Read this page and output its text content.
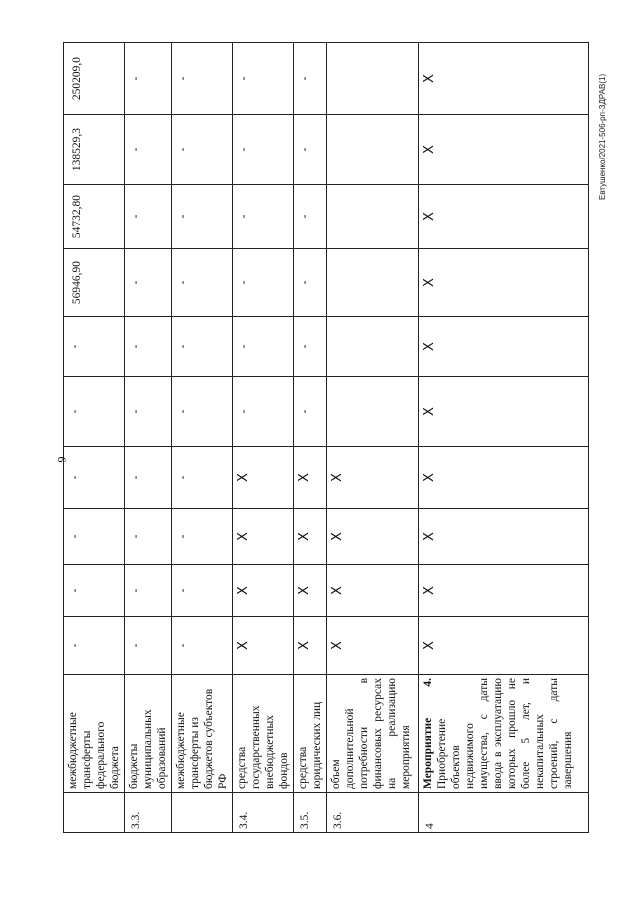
9
Евтушенко/2021-506-рп-ЗДРАВ(1)
	межбюджетные трансферты федерального бюджета	-	-	-	-	-	-	56946,90	54732,80	138529,3	250209,0
3.3.	бюджеты муниципальных образований	-	-	-	-	-	-	-	-	-	-
	межбюджетные трансферты из бюджетов субъектов РФ	-	-	-	-	-	-	-	-	-	-
3.4.	средства государственных внебюджетных фондов	X	X	X	X	-	-	-	-	-	-
3.5.	средства юридических лиц	X	X	X	X	-	-	-	-	-	-
3.6.	объем дополнительной потребности в финансовых ресурсах на реализацию мероприятия	X	X	X	X						
4	Мероприятие 4. Приобретение объектов недвижимого имущества, с даты ввода в эксплуатацию которых прошло не более 5 лет, и некапитальных строений, с даты завершения	X	X	X	X	X	X	X	X	X	X
